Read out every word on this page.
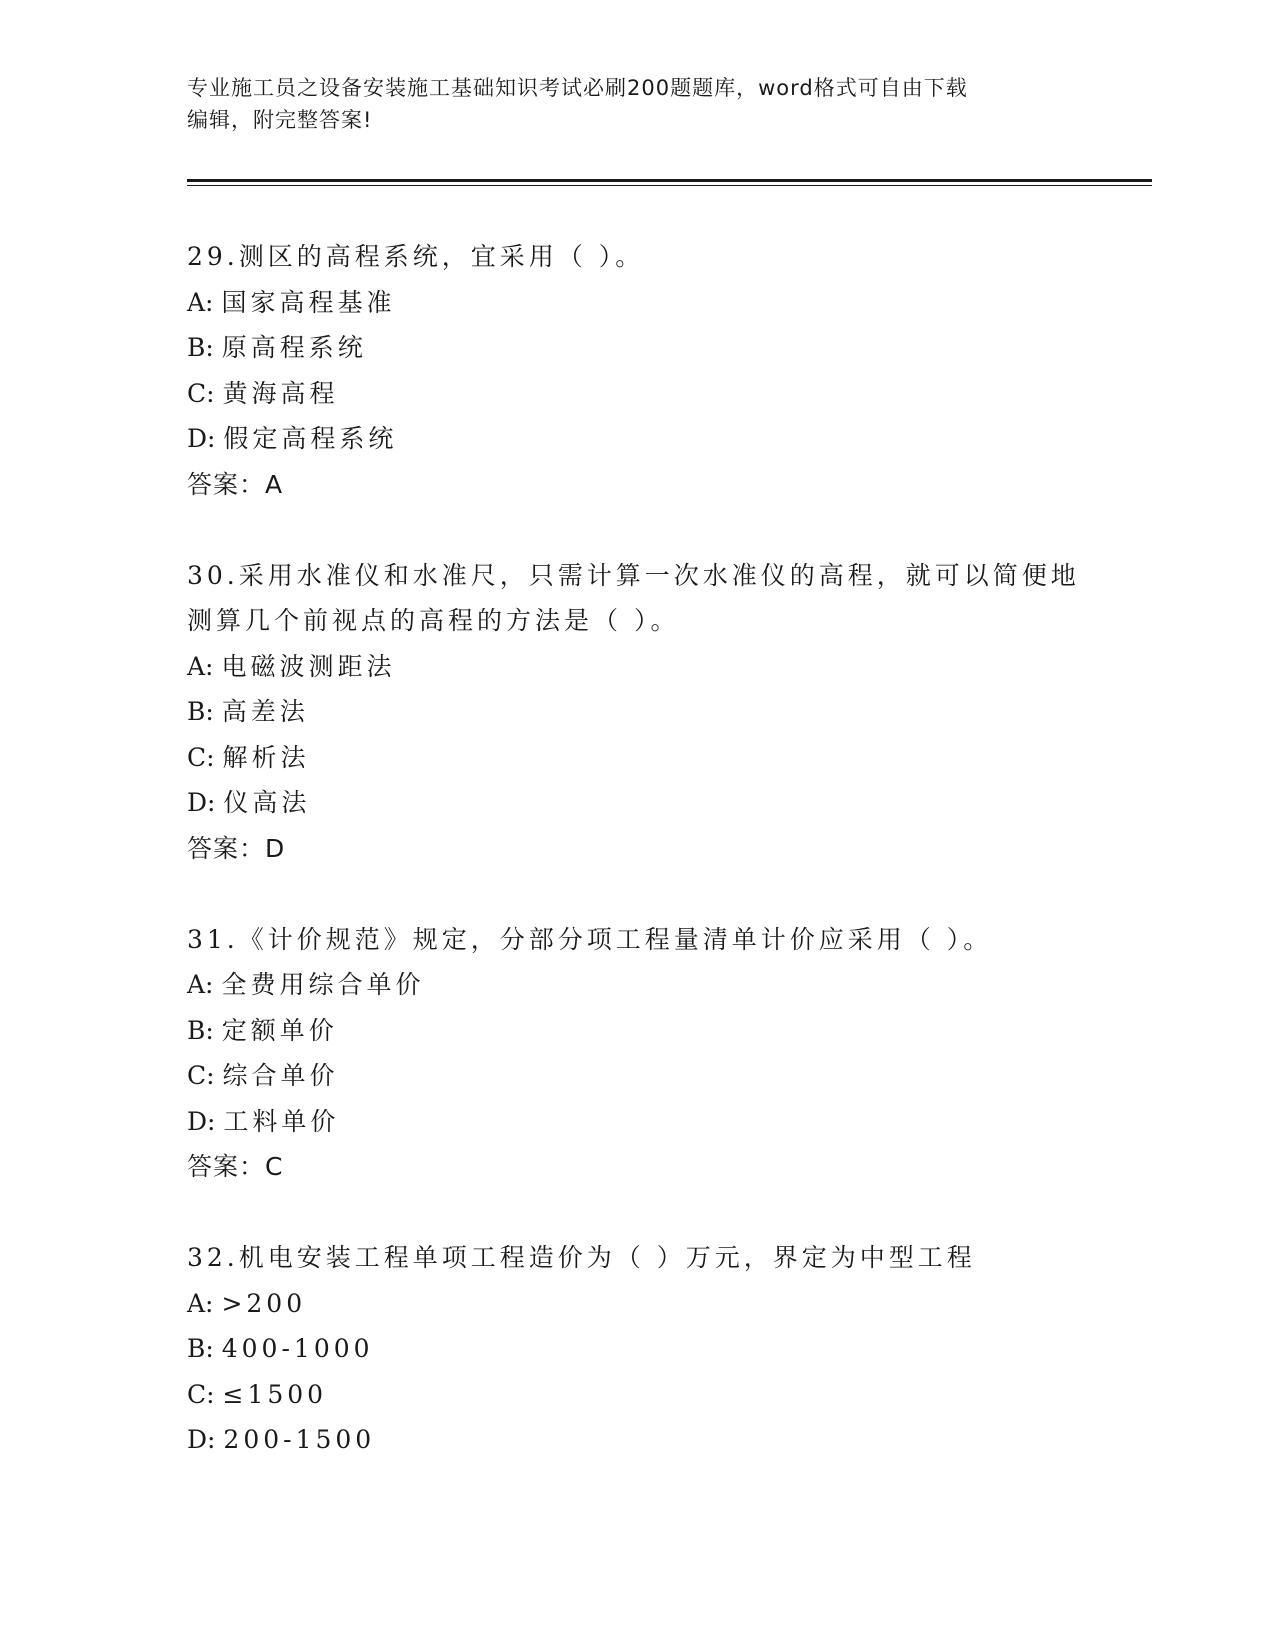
专业施工员之设备安装施工基础知识考试必刷200题题库，word格式可自由下载
编辑，附完整答案!
29.测区的高程系统，宜采用（ ）。
A: 国家高程基准
B: 原高程系统
C: 黄海高程
D: 假定高程系统
答案：A
30.采用水准仪和水准尺，只需计算一次水准仪的高程，就可以简便地
测算几个前视点的高程的方法是（ ）。
A: 电磁波测距法
B: 高差法
C: 解析法
D: 仪高法
答案：D
31.《计价规范》规定，分部分项工程量清单计价应采用（ ）。
A: 全费用综合单价
B: 定额单价
C: 综合单价
D: 工料单价
答案：C
32.机电安装工程单项工程造价为（ ）万元，界定为中型工程
A: >200
B: 400-1000
C: ≤1500
D: 200-1500
